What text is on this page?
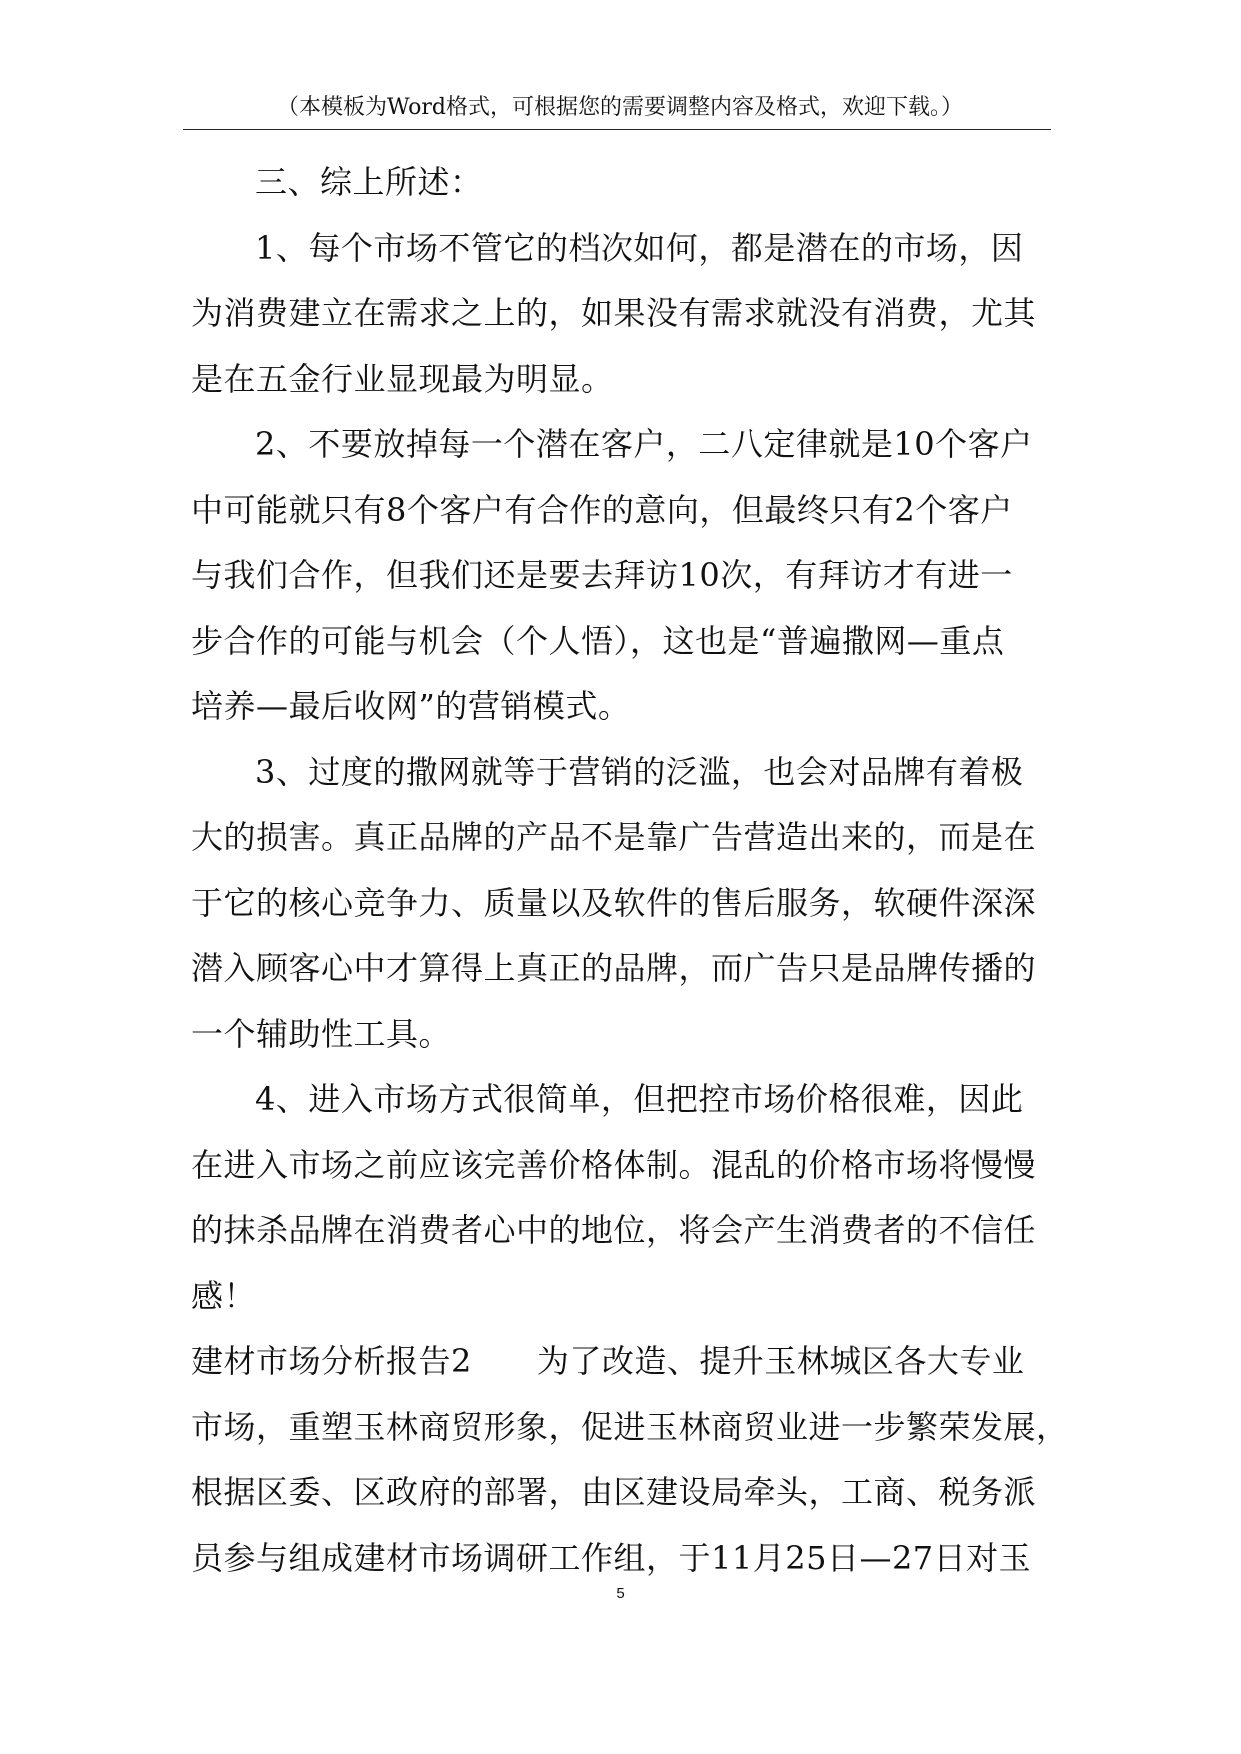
（本模板为Word格式，可根据您的需要调整内容及格式，欢迎下载。）

三、综上所述：

1、每个市场不管它的档次如何，都是潜在的市场，因
为消费建立在需求之上的，如果没有需求就没有消费，尤其
是在五金行业显现最为明显。

2、不要放掉每一个潜在客户，二八定律就是10个客户
中可能就只有8个客户有合作的意向，但最终只有2个客户
与我们合作，但我们还是要去拜访10次，有拜访才有进一
步合作的可能与机会（个人悟），这也是“普遍撒网—重点
培养—最后收网”的营销模式。

3、过度的撒网就等于营销的泛滥，也会对品牌有着极
大的损害。真正品牌的产品不是靠广告营造出来的，而是在
于它的核心竞争力、质量以及软件的售后服务，软硬件深深
潜入顾客心中才算得上真正的品牌，而广告只是品牌传播的
一个辅助性工具。

4、进入市场方式很简单，但把控市场价格很难，因此
在进入市场之前应该完善价格体制。混乱的价格市场将慢慢
的抹杀品牌在消费者心中的地位，将会产生消费者的不信任
感！

建材市场分析报告2　　为了改造、提升玉林城区各大专业
市场，重塑玉林商贸形象，促进玉林商贸业进一步繁荣发展，
根据区委、区政府的部署，由区建设局牵头，工商、税务派
员参与组成建材市场调研工作组，于11月25日—27日对玉

5
